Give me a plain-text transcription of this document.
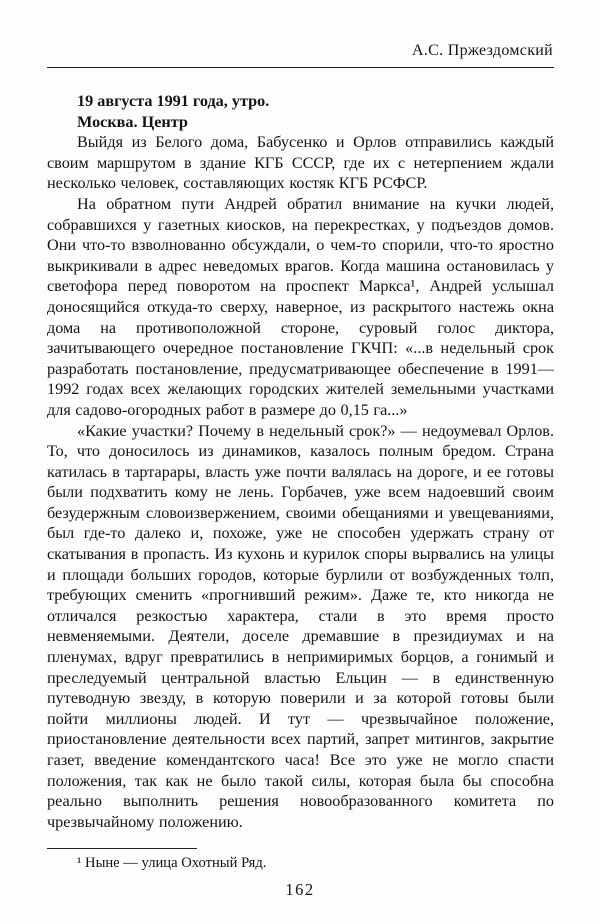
А.С. Пржездомский

19 августа 1991 года, утро.

Москва. Центр

Выйдя из Белого дома, Бабусенко и Орлов отправились каждый своим маршрутом в здание КГБ СССР, где их с нетерпением ждали несколько человек, составляющих костяк КГБ РСФСР.

На обратном пути Андрей обратил внимание на кучки людей, собравшихся у газетных киосков, на перекрестках, у подъездов домов. Они что-то взволнованно обсуждали, о чем-то спорили, что-то яростно выкрикивали в адрес неведомых врагов. Когда машина остановилась у светофора перед поворотом на проспект Маркса¹, Андрей услышал доносящийся откуда-то сверху, наверное, из раскрытого настежь окна дома на противоположной стороне, суровый голос диктора, зачитывающего очередное постановление ГКЧП: «...в недельный срок разработать постановление, предусматривающее обеспечение в 1991—1992 годах всех желающих городских жителей земельными участками для садово-огородных работ в размере до 0,15 га...»

«Какие участки? Почему в недельный срок?» — недоумевал Орлов. То, что доносилось из динамиков, казалось полным бредом. Страна катилась в тартарары, власть уже почти валялась на дороге, и ее готовы были подхватить кому не лень. Горбачев, уже всем надоевший своим безудержным словоизвержением, своими обещаниями и увещеваниями, был где-то далеко и, похоже, уже не способен удержать страну от скатывания в пропасть. Из кухонь и курилок споры вырвались на улицы и площади больших городов, которые бурлили от возбужденных толп, требующих сменить «прогнивший режим». Даже те, кто никогда не отличался резкостью характера, стали в это время просто невменяемыми. Деятели, доселе дремавшие в президиумах и на пленумах, вдруг превратились в непримиримых борцов, а гонимый и преследуемый центральной властью Ельцин — в единственную путеводную звезду, в которую поверили и за которой готовы были пойти миллионы людей. И тут — чрезвычайное положение, приостановление деятельности всех партий, запрет митингов, закрытие газет, введение комендантского часа! Все это уже не могло спасти положения, так как не было такой силы, которая была бы способна реально выполнить решения новообразованного комитета по чрезвычайному положению.

¹ Ныне — улица Охотный Ряд.

162
